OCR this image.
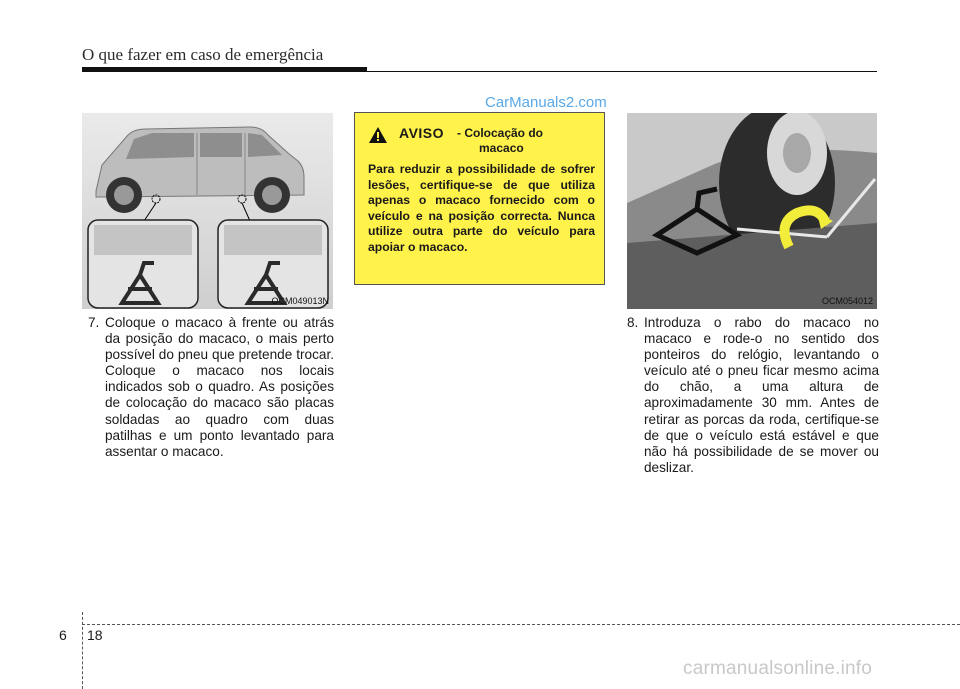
O que fazer em caso de emergência
CarManuals2.com
OCM049013N
AVISO - Colocação do
macaco
Para reduzir a possibilidade de sofrer lesões, certifique-se de que utiliza apenas o macaco fornecido com o veículo e na posição correcta. Nunca utilize outra parte do veículo para apoiar o macaco.
OCM054012
7. Coloque o macaco à frente ou atrás da posição do macaco, o mais perto possível do pneu que pretende trocar. Coloque o macaco nos locais indicados sob o quadro. As posições de colocação do macaco são placas soldadas ao quadro com duas patilhas e um ponto levantado para assentar o macaco.
8. Introduza o rabo do macaco no macaco e rode-o no sentido dos ponteiros do relógio, levantando o veículo até o pneu ficar mesmo acima do chão, a uma altura de aproximadamente 30 mm. Antes de retirar as porcas da roda, certifique-se de que o veículo está estável e que não há possibilidade de se mover ou deslizar.
6 18
carmanualsonline.info
